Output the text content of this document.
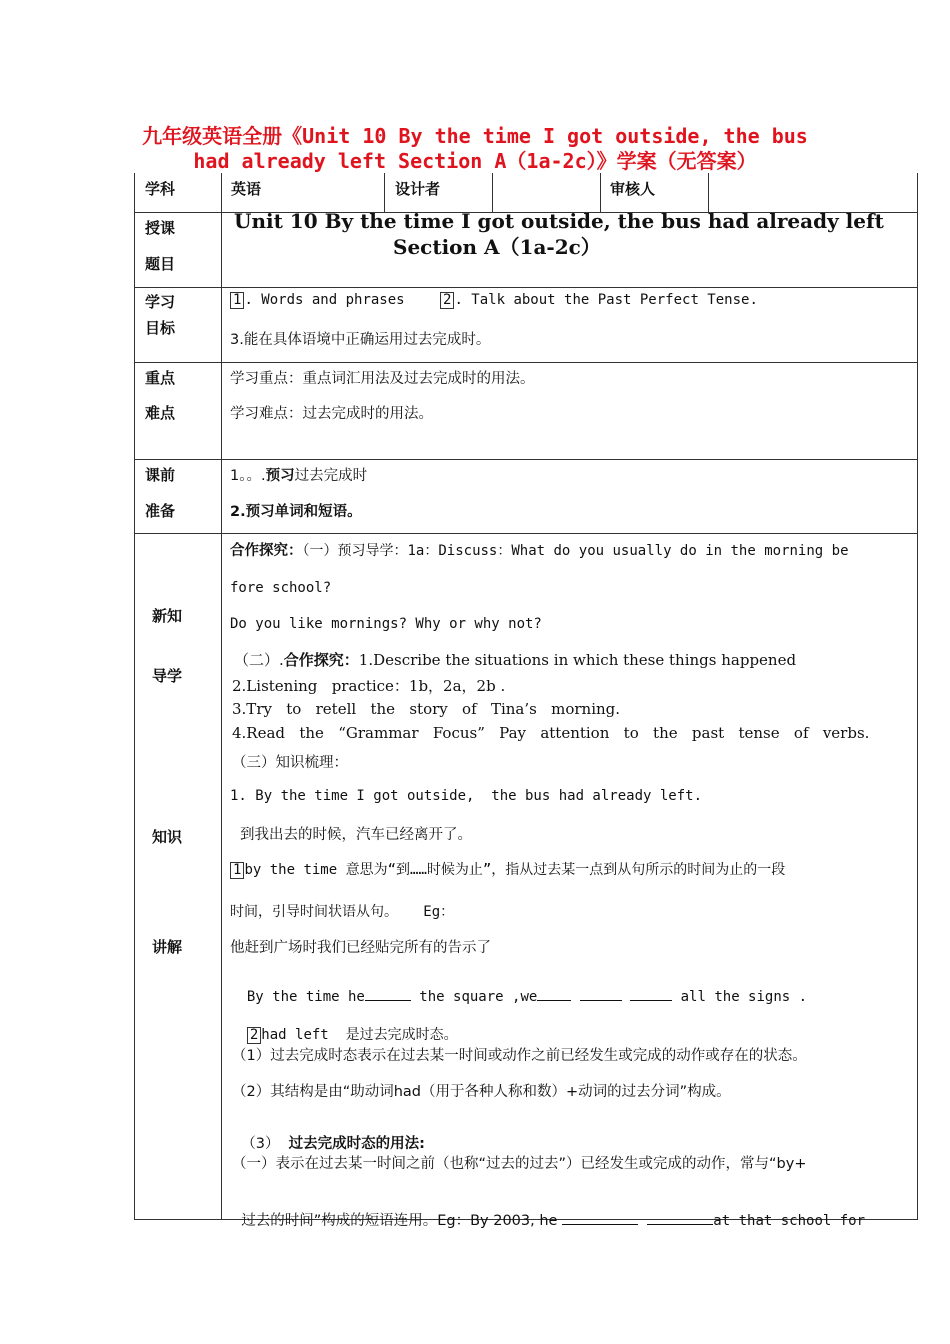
九年级英语全册《Unit 10 By the time I got outside, the bus
had already left Section A（1a-2c）》学案（无答案）
学科	英语	设计者	审核人
授课
题目
Unit 10 By the time I got outside, the bus had already left
Section A（1a-2c）
学习
目标
1 . Words and phrases	2 . Talk about the Past Perfect Tense.
3.能在具体语境中正确运用过去完成时。
重点
难点
学习重点：重点词汇用法及过去完成时的用法。
学习难点：过去完成时的用法。
课前
准备
1。。.预习过去完成时
2.预习单词和短语。
新知
导学
知识
讲解
合作探究：（一）预习导学：1a：Discuss：What do you usually do in the morning be
fore school?
Do you like mornings? Why or why not?
（二）.合作探究：1.Describe the situations in which these things happened
2.Listening   practice：1b，2a，2b .
3.Try   to   retell   the   story   of   Tina’s   morning.
4.Read   the   “Grammar   Focus”   Pay   attention   to   the   past   tense   of   verbs.
（三）知识梳理：
1. By the time I got outside,  the bus had already left.
到我出去的时候，汽车已经离开了。
1 by the time 意思为“到……时候为止”，指从过去某一点到从句所示的时间为止的一段
时间，引导时间状语从句。   Eg：
他赶到广场时我们已经贴完所有的告示了

By the time he	the square ,we	all the signs .

2 had left  是过去完成时态。

（1）过去完成时态表示在过去某一时间或动作之前已经发生或完成的动作或存在的状态。
（2）其结构是由“助动词had（用于各种人称和数）+动词的过去分词”构成。

（3） 过去完成时态的用法:

（一）表示在过去某一时间之前（也称“过去的过去”）已经发生或完成的动作，常与“by+

过去的时间”构成的短语连用。Eg：By 2003, he	at that school for
